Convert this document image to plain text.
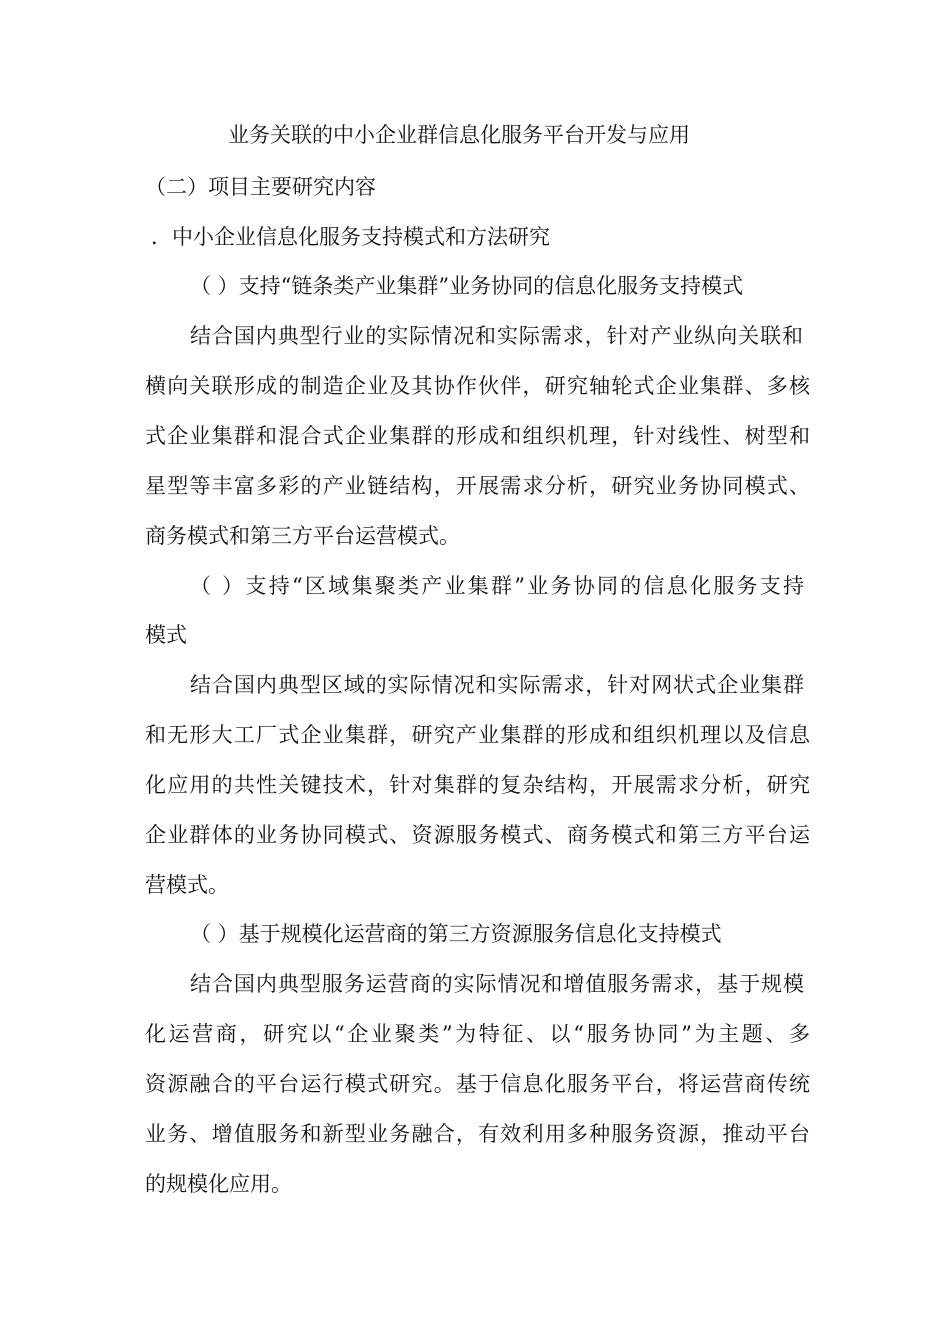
业务关联的中小企业群信息化服务平台开发与应用
（二）项目主要研究内容
．中小企业信息化服务支持模式和方法研究
（ ）支持“链条类产业集群”业务协同的信息化服务支持模式
结合国内典型行业的实际情况和实际需求，针对产业纵向关联和
横向关联形成的制造企业及其协作伙伴，研究轴轮式企业集群、多核
式企业集群和混合式企业集群的形成和组织机理，针对线性、树型和
星型等丰富多彩的产业链结构，开展需求分析，研究业务协同模式、
商务模式和第三方平台运营模式。
（ ）支持“区域集聚类产业集群”业务协同的信息化服务支持
模式
结合国内典型区域的实际情况和实际需求，针对网状式企业集群
和无形大工厂式企业集群，研究产业集群的形成和组织机理以及信息
化应用的共性关键技术，针对集群的复杂结构，开展需求分析，研究
企业群体的业务协同模式、资源服务模式、商务模式和第三方平台运
营模式。
（ ）基于规模化运营商的第三方资源服务信息化支持模式
结合国内典型服务运营商的实际情况和增值服务需求，基于规模
化运营商，研究以“企业聚类”为特征、以“服务协同”为主题、多
资源融合的平台运行模式研究。基于信息化服务平台，将运营商传统
业务、增值服务和新型业务融合，有效利用多种服务资源，推动平台
的规模化应用。
